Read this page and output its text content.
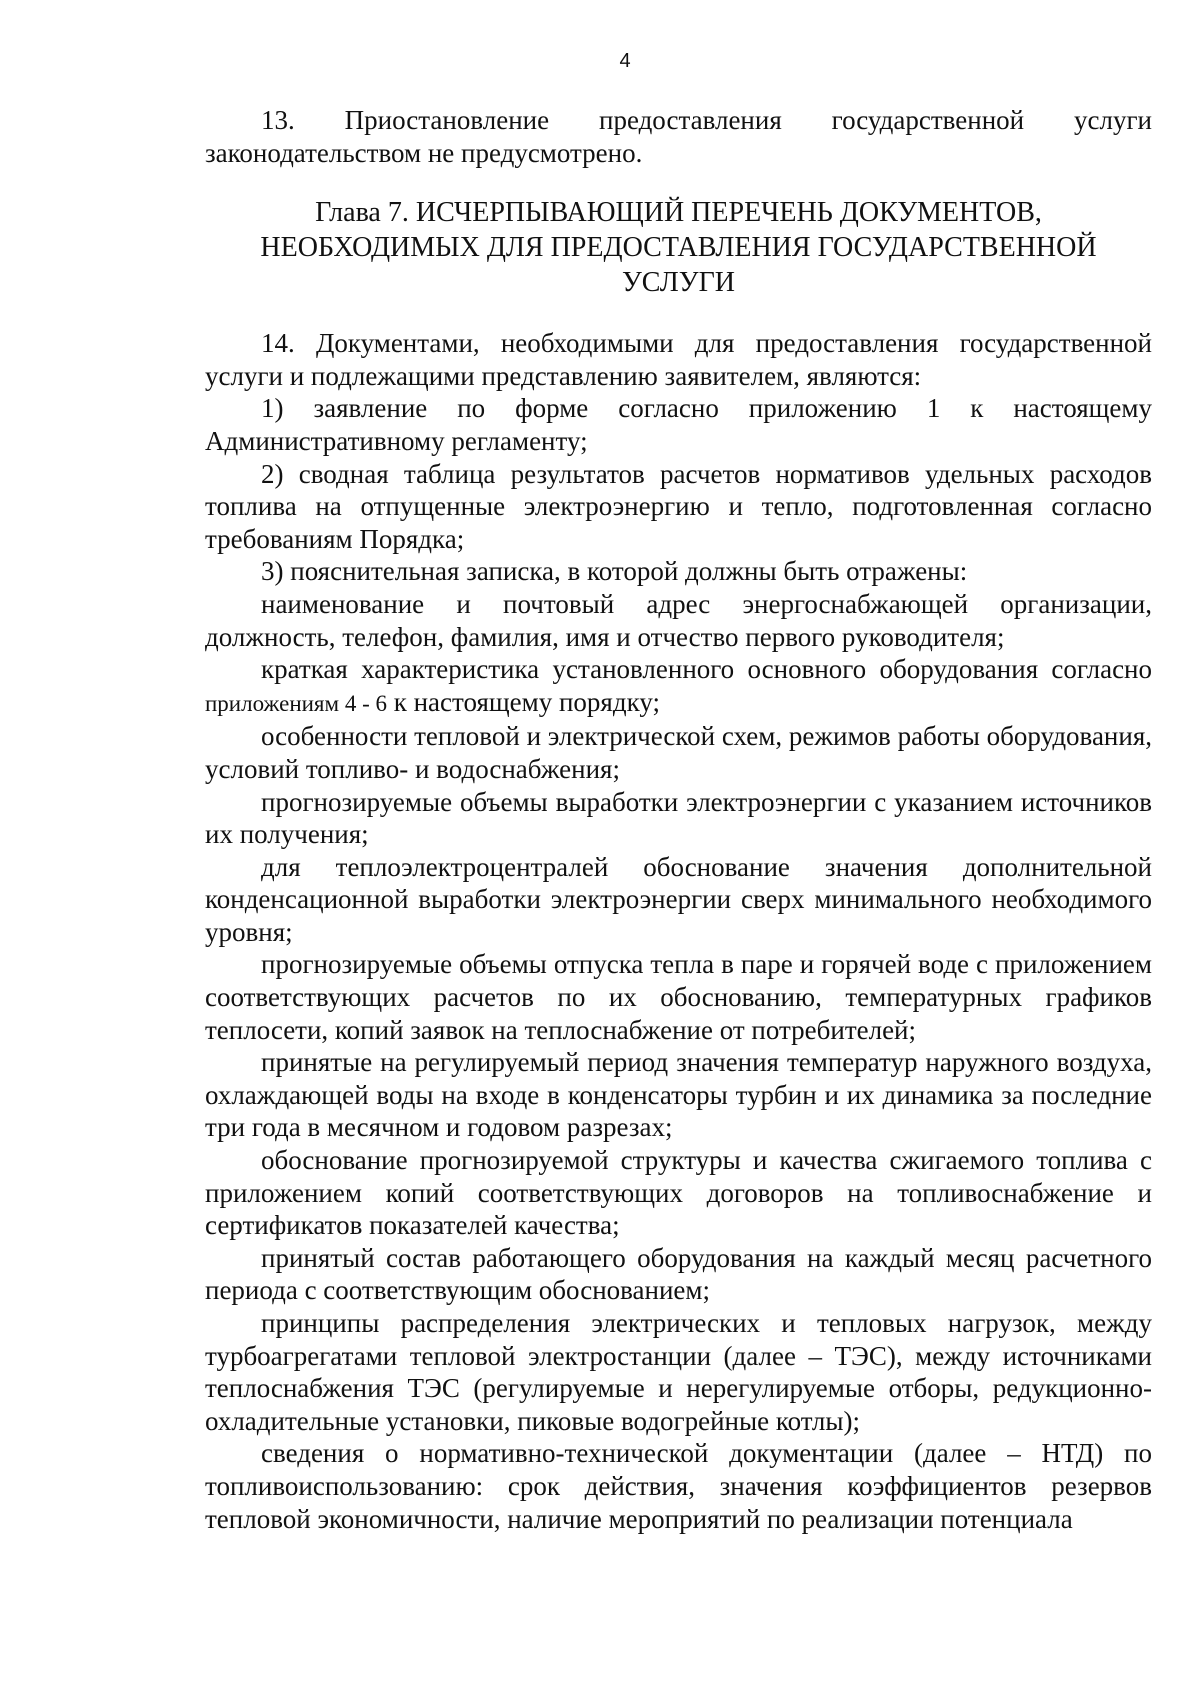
4

13. Приостановление предоставления государственной услуги законодательством не предусмотрено.

Глава 7. ИСЧЕРПЫВАЮЩИЙ ПЕРЕЧЕНЬ ДОКУМЕНТОВ,
НЕОБХОДИМЫХ ДЛЯ ПРЕДОСТАВЛЕНИЯ ГОСУДАРСТВЕННОЙ
УСЛУГИ

14. Документами, необходимыми для предоставления государственной услуги и подлежащими представлению заявителем, являются:

1) заявление по форме согласно приложению 1 к настоящему Административному регламенту;

2) сводная таблица результатов расчетов нормативов удельных расходов топлива на отпущенные электроэнергию и тепло, подготовленная согласно требованиям Порядка;

3) пояснительная записка, в которой должны быть отражены:

наименование и почтовый адрес энергоснабжающей организации, должность, телефон, фамилия, имя и отчество первого руководителя;

краткая характеристика установленного основного оборудования согласно приложениям 4 - 6 к настоящему порядку;

особенности тепловой и электрической схем, режимов работы оборудования, условий топливо- и водоснабжения;

прогнозируемые объемы выработки электроэнергии с указанием источников их получения;

для теплоэлектроцентралей обоснование значения дополнительной конденсационной выработки электроэнергии сверх минимального необходимого уровня;

прогнозируемые объемы отпуска тепла в паре и горячей воде с приложением соответствующих расчетов по их обоснованию, температурных графиков теплосети, копий заявок на теплоснабжение от потребителей;

принятые на регулируемый период значения температур наружного воздуха, охлаждающей воды на входе в конденсаторы турбин и их динамика за последние три года в месячном и годовом разрезах;

обоснование прогнозируемой структуры и качества сжигаемого топлива с приложением копий соответствующих договоров на топливоснабжение и сертификатов показателей качества;

принятый состав работающего оборудования на каждый месяц расчетного периода с соответствующим обоснованием;

принципы распределения электрических и тепловых нагрузок, между турбоагрегатами тепловой электростанции (далее – ТЭС), между источниками теплоснабжения ТЭС (регулируемые и нерегулируемые отборы, редукционно-охладительные установки, пиковые водогрейные котлы);

сведения о нормативно-технической документации (далее – НТД) по топливоиспользованию: срок действия, значения коэффициентов резервов тепловой экономичности, наличие мероприятий по реализации потенциала
